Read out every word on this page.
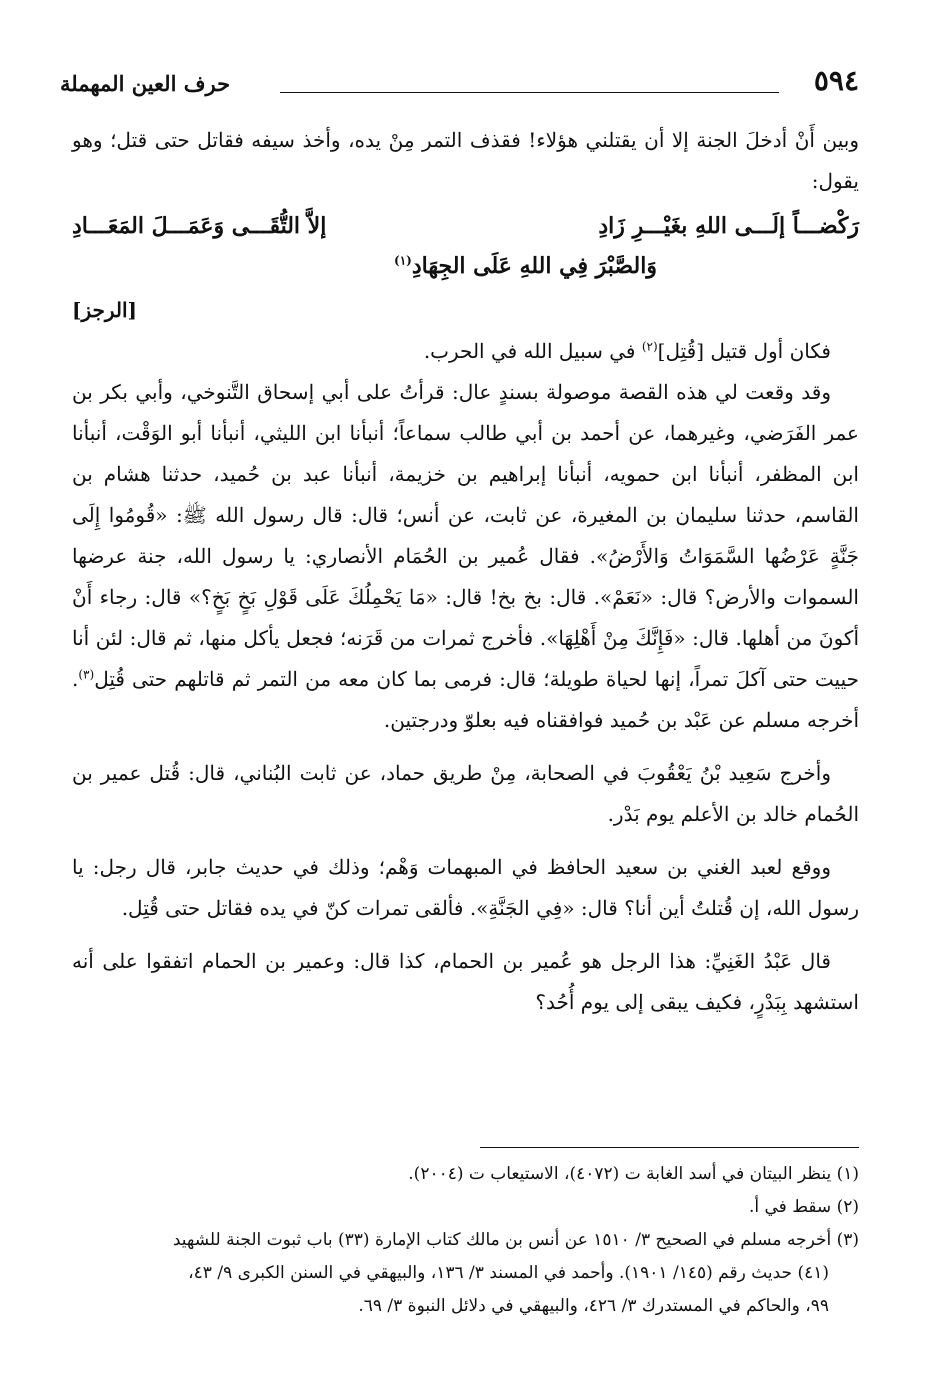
٥٩٤
حرف العين المهملة

وبين أَنْ أدخلَ الجنة إلا أن يقتلني هؤلاء! فقذف التمر مِنْ يده، وأخذ سيفه فقاتل حتى قتل؛ وهو يقول:

رَكْضـــاً إلَـــى اللهِ بغَيْـــرِ زَادِ
إلاَّ التُّقَـــى وَعَمَـــلَ المَعَـــادِ
وَالصَّبْرَ فِي اللهِ عَلَى الجِهَادِ$^{(١)}$

[الرجز]

فكان أول قتيل [قُتِل]$^{(٢)}$ في سبيل الله في الحرب.

وقد وقعت لي هذه القصة موصولة بسندٍ عال: قرأتُ على أبي إسحاق التَّنوخي، وأبي بكر بن عمر الفَرَضي، وغيرهما، عن أحمد بن أبي طالب سماعاً؛ أنبأنا ابن الليثي، أنبأنا أبو الوَقْت، أنبأنا ابن المظفر، أنبأنا ابن حمويه، أنبأنا إبراهيم بن خزيمة، أنبأنا عبد بن حُميد، حدثنا هشام بن القاسم، حدثنا سليمان بن المغيرة، عن ثابت، عن أنس؛ قال: قال رسول الله ﷺ: «قُومُوا إِلَى جَنَّةٍ عَرْضُها السَّمَوَاتُ وَالأَرْضُ». فقال عُمير بن الحُمَام الأنصاري: يا رسول الله، جنة عرضها السموات والأرض؟ قال: «نَعَمْ». قال: بخ بخ! قال: «مَا يَحْمِلُكَ عَلَى قَوْلِ بَخٍ بَخٍ؟» قال: رجاء أَنْ أكونَ من أهلها. قال: «فَإِنَّكَ مِنْ أَهْلِهَا». فأخرج ثمرات من قَرَنه؛ فجعل يأكل منها، ثم قال: لئن أنا حييت حتى آكلَ تمراً، إنها لحياة طويلة؛ قال: فرمى بما كان معه من التمر ثم قاتلهم حتى قُتِل$^{(٣)}$. أخرجه مسلم عن عَبْد بن حُميد فوافقناه فيه بعلوّ ودرجتين.

وأخرج سَعِيد بْنُ يَعْقُوبَ في الصحابة، مِنْ طريق حماد، عن ثابت البُناني، قال: قُتل عمير بن الحُمام خالد بن الأعلم يوم بَدْر.

ووقع لعبد الغني بن سعيد الحافظ في المبهمات وَهْم؛ وذلك في حديث جابر، قال رجل: يا رسول الله، إن قُتلتُ أين أنا؟ قال: «فِي الجَنَّةِ». فألقى تمرات كنّ في يده فقاتل حتى قُتِل.

قال عَبْدُ الغَنِيِّ: هذا الرجل هو عُمير بن الحمام، كذا قال: وعمير بن الحمام اتفقوا على أنه استشهد بِبَدْرٍ، فكيف يبقى إلى يوم أُحُد؟

(١) ينظر البيتان في أسد الغابة ت (٤٠٧٢)، الاستيعاب ت (٢٠٠٤).

(٢) سقط في أ.

(٣) أخرجه مسلم في الصحيح ٣/ ١٥١٠ عن أنس بن مالك كتاب الإمارة (٣٣) باب ثبوت الجنة للشهيد

(٤١) حديث رقم (١٤٥/ ١٩٠١). وأحمد في المسند ٣/ ١٣٦، والبيهقي في السنن الكبرى ٩/ ٤٣،

٩٩، والحاكم في المستدرك ٣/ ٤٢٦، والبيهقي في دلائل النبوة ٣/ ٦٩.
